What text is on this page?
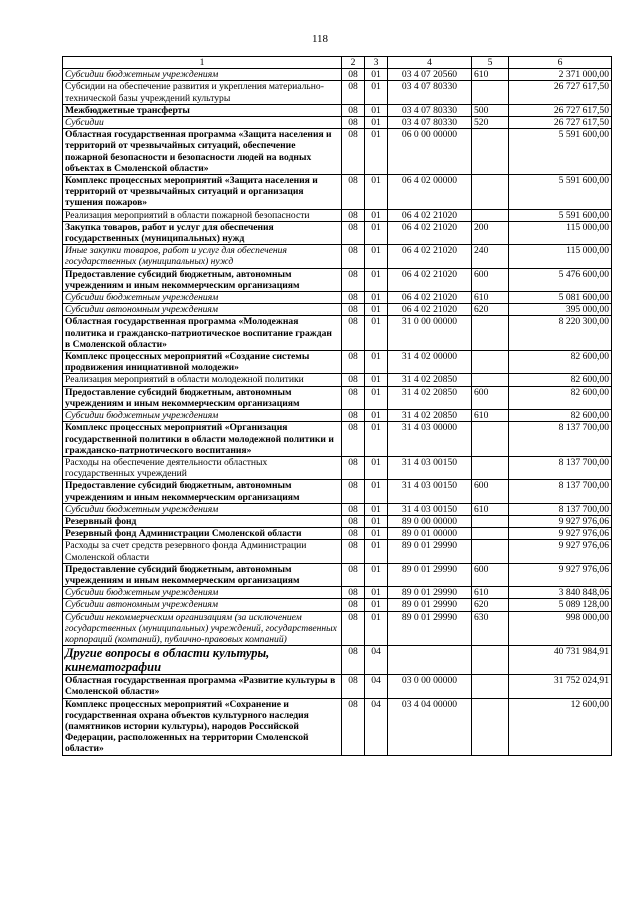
118
1	2	3	4	5	6
Субсидии бюджетным учреждениям	08	01	03 4 07 20560	610	2 371 000,00
Субсидии на обеспечение развития и укрепления материально-технической базы учреждений культуры	08	01	03 4 07 80330		26 727 617,50
Межбюджетные трансферты	08	01	03 4 07 80330	500	26 727 617,50
Субсидии	08	01	03 4 07 80330	520	26 727 617,50
Областная государственная программа «Защита населения и территорий от чрезвычайных ситуаций, обеспечение пожарной безопасности и безопасности людей на водных объектах в Смоленской области»	08	01	06 0 00 00000		5 591 600,00
Комплекс процессных мероприятий «Защита населения и территорий от чрезвычайных ситуаций и организация тушения пожаров»	08	01	06 4 02 00000		5 591 600,00
Реализация мероприятий в области пожарной безопасности	08	01	06 4 02 21020		5 591 600,00
Закупка товаров, работ и услуг для обеспечения государственных (муниципальных) нужд	08	01	06 4 02 21020	200	115 000,00
Иные закупки товаров, работ и услуг для обеспечения государственных (муниципальных) нужд	08	01	06 4 02 21020	240	115 000,00
Предоставление субсидий бюджетным, автономным учреждениям и иным некоммерческим организациям	08	01	06 4 02 21020	600	5 476 600,00
Субсидии бюджетным учреждениям	08	01	06 4 02 21020	610	5 081 600,00
Субсидии автономным учреждениям	08	01	06 4 02 21020	620	395 000,00
Областная государственная программа «Молодежная политика и гражданско-патриотическое воспитание граждан в Смоленской области»	08	01	31 0 00 00000		8 220 300,00
Комплекс процессных мероприятий «Создание системы продвижения инициативной молодежи»	08	01	31 4 02 00000		82 600,00
Реализация мероприятий в области молодежной политики	08	01	31 4 02 20850		82 600,00
Предоставление субсидий бюджетным, автономным учреждениям и иным некоммерческим организациям	08	01	31 4 02 20850	600	82 600,00
Субсидии бюджетным учреждениям	08	01	31 4 02 20850	610	82 600,00
Комплекс процессных мероприятий «Организация государственной политики в области молодежной политики и гражданско-патриотического воспитания»	08	01	31 4 03 00000		8 137 700,00
Расходы на обеспечение деятельности областных государственных учреждений	08	01	31 4 03 00150		8 137 700,00
Предоставление субсидий бюджетным, автономным учреждениям и иным некоммерческим организациям	08	01	31 4 03 00150	600	8 137 700,00
Субсидии бюджетным учреждениям	08	01	31 4 03 00150	610	8 137 700,00
Резервный фонд	08	01	89 0 00 00000		9 927 976,06
Резервный фонд Администрации Смоленской области	08	01	89 0 01 00000		9 927 976,06
Расходы за счет средств резервного фонда Администрации Смоленской области	08	01	89 0 01 29990		9 927 976,06
Предоставление субсидий бюджетным, автономным учреждениям и иным некоммерческим организациям	08	01	89 0 01 29990	600	9 927 976,06
Субсидии бюджетным учреждениям	08	01	89 0 01 29990	610	3 840 848,06
Субсидии автономным учреждениям	08	01	89 0 01 29990	620	5 089 128,00
Субсидии некоммерческим организациям (за исключением государственных (муниципальных) учреждений, государственных корпораций (компаний), публично-правовых компаний)	08	01	89 0 01 29990	630	998 000,00
Другие вопросы в области культуры, кинематографии	08	04			40 731 984,91
Областная государственная программа «Развитие культуры в Смоленской области»	08	04	03 0 00 00000		31 752 024,91
Комплекс процессных мероприятий «Сохранение и государственная охрана объектов культурного наследия (памятников истории культуры), народов Российской Федерации, расположенных на территории Смоленской области»	08	04	03 4 04 00000		12 600,00
